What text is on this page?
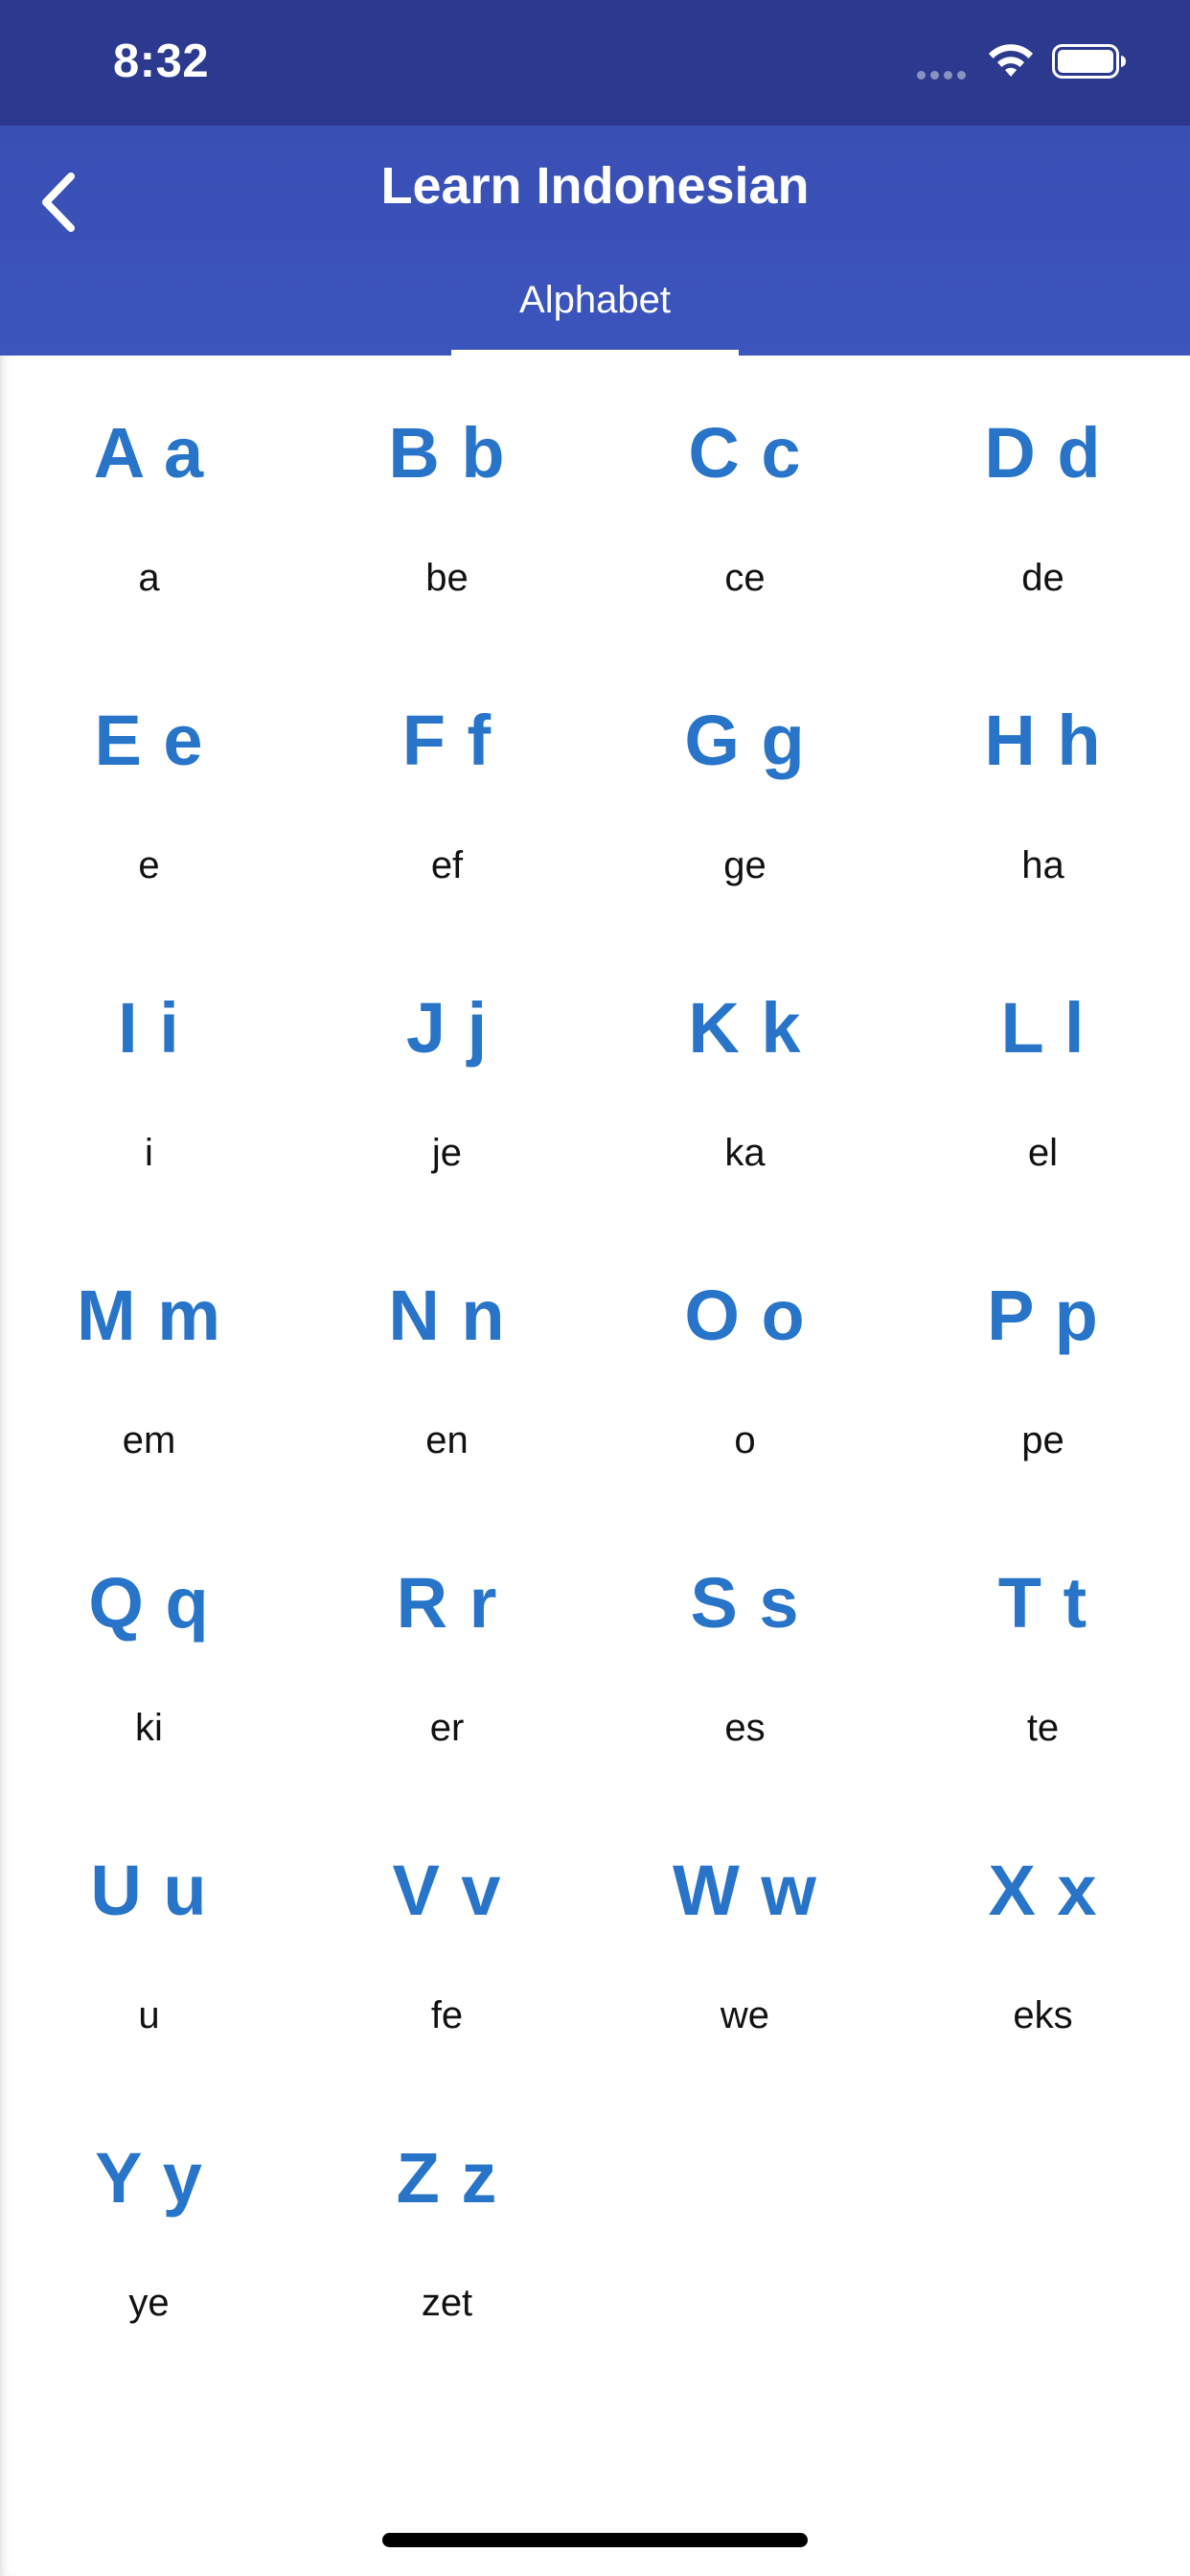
8:32
Learn Indonesian
Alphabet
A a
a
B b
be
C c
ce
D d
de
E e
e
F f
ef
G g
ge
H h
ha
I i
i
J j
je
K k
ka
L l
el
M m
em
N n
en
O o
o
P p
pe
Q q
ki
R r
er
S s
es
T t
te
U u
u
V v
fe
W w
we
X x
eks
Y y
ye
Z z
zet
